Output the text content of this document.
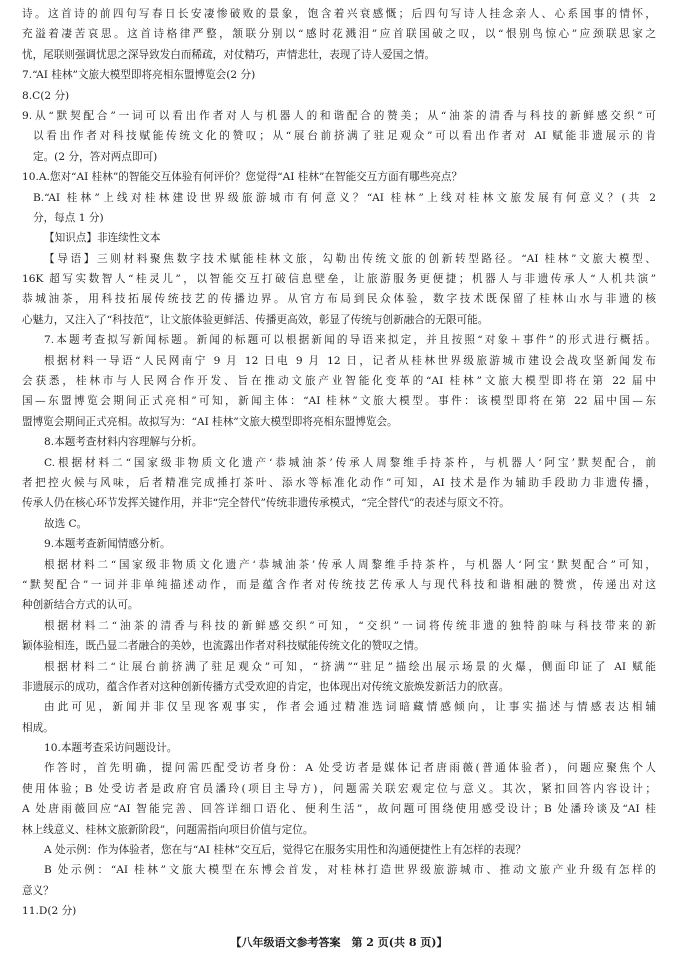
诗。这首诗的前四句写春日长安凄惨破败的景象，饱含着兴衰感慨；后四句写诗人挂念亲人、心系国事的情怀，
充溢着凄苦哀思。这首诗格律严整，颔联分别以“感时花溅泪”应首联国破之叹，以“恨别鸟惊心”应颈联思家之
忧，尾联则强调忧思之深导致发白而稀疏，对仗精巧，声情悲壮，表现了诗人爱国之情。
7.“AI 桂林”文旅大模型即将亮相东盟博览会(2 分)
8.C(2 分)
9.从“默契配合”一词可以看出作者对人与机器人的和谐配合的赞美；从“油茶的清香与科技的新鲜感交织”可
以看出作者对科技赋能传统文化的赞叹；从“展台前挤满了驻足观众”可以看出作者对 AI 赋能非遗展示的肯
定。(2 分，答对两点即可)
10.A.您对“AI 桂林”的智能交互体验有何评价？您觉得“AI 桂林”在智能交互方面有哪些亮点？
B.“AI 桂林”上线对桂林建设世界级旅游城市有何意义？“AI 桂林”上线对桂林文旅发展有何意义？(共 2
分，每点 1 分)
【知识点】非连续性文本
【导语】三则材料聚焦数字技术赋能桂林文旅，勾勒出传统文旅的创新转型路径。“AI 桂林”文旅大模型、
16K 超写实数智人“桂灵儿”，以智能交互打破信息壁垒，让旅游服务更便捷；机器人与非遗传承人“人机共演”
恭城油茶，用科技拓展传统技艺的传播边界。从官方布局到民众体验，数字技术既保留了桂林山水与非遗的核
心魅力，又注入了“科技范”，让文旅体验更鲜活、传播更高效，彰显了传统与创新融合的无限可能。
7.本题考查拟写新闻标题。新闻的标题可以根据新闻的导语来拟定，并且按照“对象＋事件”的形式进行概括。
根据材料一导语“人民网南宁 9 月 12 日电 9 月 12 日，记者从桂林世界级旅游城市建设会战攻坚新闻发布
会获悉，桂林市与人民网合作开发、旨在推动文旅产业智能化变革的“AI 桂林”文旅大模型即将在第 22 届中
国—东盟博览会期间正式亮相”可知，新闻主体：“AI 桂林”文旅大模型。事件：该模型即将在第 22 届中国—东
盟博览会期间正式亮相。故拟写为：“AI 桂林”文旅大模型即将亮相东盟博览会。
8.本题考查材料内容理解与分析。
C.根据材料二“国家级非物质文化遗产‘恭城油茶’传承人周黎维手持茶杵，与机器人‘阿宝’默契配合，前
者把控火候与风味，后者精准完成捶打茶叶、添水等标准化动作”可知，AI 技术是作为辅助手段助力非遗传播，
传承人仍在核心环节发挥关键作用，并非“完全替代”传统非遗传承模式，“完全替代”的表述与原文不符。
故选 C。
9.本题考查新闻情感分析。
根据材料二“国家级非物质文化遗产‘恭城油茶’传承人周黎维手持茶杵，与机器人‘阿宝’默契配合”可知，
“默契配合”一词并非单纯描述动作，而是蕴含作者对传统技艺传承人与现代科技和谐相融的赞赏，传递出对这
种创新结合方式的认可。
根据材料二“油茶的清香与科技的新鲜感交织”可知，“交织”一词将传统非遗的独特韵味与科技带来的新
颖体验相连，既凸显二者融合的美妙，也流露出作者对科技赋能传统文化的赞叹之情。
根据材料二“让展台前挤满了驻足观众”可知，“挤满”“驻足”描绘出展示场景的火爆，侧面印证了 AI 赋能
非遗展示的成功，蕴含作者对这种创新传播方式受欢迎的肯定，也体现出对传统文旅焕发新活力的欣喜。
由此可见，新闻并非仅呈现客观事实，作者会通过精准选词暗藏情感倾向，让事实描述与情感表达相辅
相成。
10.本题考查采访问题设计。
作答时，首先明确，提问需匹配受访者身份：A 处受访者是媒体记者唐雨薇(普通体验者)，问题应聚焦个人
使用体验；B 处受访者是政府官员潘玲(项目主导方)，问题需关联宏观定位与意义。其次，紧扣回答内容设计；
A 处唐雨薇回应“AI 智能完善、回答详细口语化、便利生活”，故问题可围绕使用感受设计；B 处潘玲谈及“AI 桂
林上线意义、桂林文旅新阶段”，问题需指向项目价值与定位。
A 处示例：作为体验者，您在与“AI 桂林”交互后，觉得它在服务实用性和沟通便捷性上有怎样的表现？
B 处示例：“AI 桂林”文旅大模型在东博会首发，对桂林打造世界级旅游城市、推动文旅产业升级有怎样的
意义？
11.D(2 分)
【八年级语文参考答案　第 2 页(共 8 页)】
